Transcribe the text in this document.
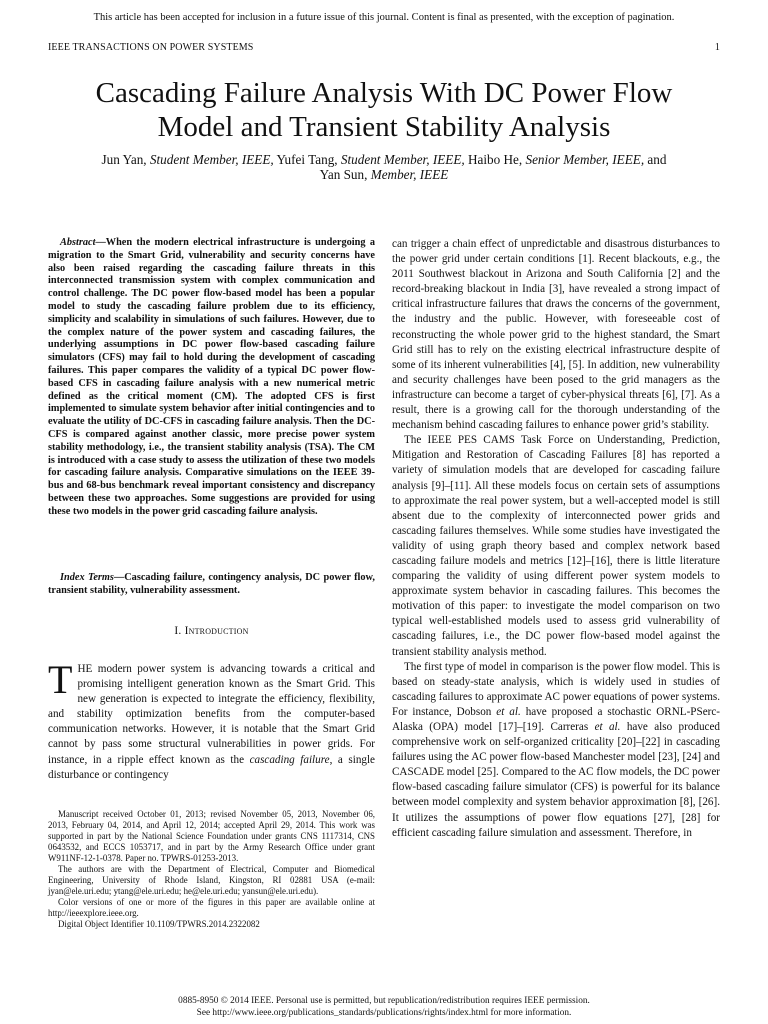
This article has been accepted for inclusion in a future issue of this journal. Content is final as presented, with the exception of pagination.
IEEE TRANSACTIONS ON POWER SYSTEMS	1
Cascading Failure Analysis With DC Power Flow
Model and Transient Stability Analysis
Jun Yan, Student Member, IEEE, Yufei Tang, Student Member, IEEE, Haibo He, Senior Member, IEEE, and
Yan Sun, Member, IEEE

Abstract—When the modern electrical infrastructure is undergoing a migration to the Smart Grid, vulnerability and security concerns have also been raised regarding the cascading failure threats in this interconnected transmission system with complex communication and control challenge. The DC power flow-based model has been a popular model to study the cascading failure problem due to its efficiency, simplicity and scalability in simulations of such failures. However, due to the complex nature of the power system and cascading failures, the underlying assumptions in DC power flow-based cascading failure simulators (CFS) may fail to hold during the development of cascading failures. This paper compares the validity of a typical DC power flow-based CFS in cascading failure analysis with a new numerical metric defined as the critical moment (CM). The adopted CFS is first implemented to simulate system behavior after initial contingencies and to evaluate the utility of DC-CFS in cascading failure analysis. Then the DC-CFS is compared against another classic, more precise power system stability methodology, i.e., the transient stability analysis (TSA). The CM is introduced with a case study to assess the utilization of these two models for cascading failure analysis. Comparative simulations on the IEEE 39-bus and 68-bus benchmark reveal important consistency and discrepancy between these two approaches. Some suggestions are provided for using these two models in the power grid cascading failure analysis.

Index Terms—Cascading failure, contingency analysis, DC power flow, transient stability, vulnerability assessment.

I. Introduction

THE modern power system is advancing towards a critical and promising intelligent generation known as the Smart Grid. This new generation is expected to integrate the efficiency, flexibility, and stability optimization benefits from the computer-based communication networks. However, it is notable that the Smart Grid cannot by pass some structural vulnerabilities in power grids. For instance, in a ripple effect known as the cascading failure, a single disturbance or contingency

Manuscript received October 01, 2013; revised November 05, 2013, November 06, 2013, February 04, 2014, and April 12, 2014; accepted April 29, 2014. This work was supported in part by the National Science Foundation under grants CNS 1117314, CNS 0643532, and ECCS 1053717, and in part by the Army Research Office under grant W911NF-12-1-0378. Paper no. TPWRS-01253-2013.

The authors are with the Department of Electrical, Computer and Biomedical Engineering, University of Rhode Island, Kingston, RI 02881 USA (e-mail: jyan@ele.uri.edu; ytang@ele.uri.edu; he@ele.uri.edu; yansun@ele.uri.edu).

Color versions of one or more of the figures in this paper are available online at http://ieeexplore.ieee.org.

Digital Object Identifier 10.1109/TPWRS.2014.2322082

can trigger a chain effect of unpredictable and disastrous disturbances to the power grid under certain conditions [1]. Recent blackouts, e.g., the 2011 Southwest blackout in Arizona and South California [2] and the record-breaking blackout in India [3], have revealed a strong impact of critical infrastructure failures that draws the concerns of the government, the industry and the public. However, with foreseeable cost of reconstructing the whole power grid to the highest standard, the Smart Grid still has to rely on the existing electrical infrastructure despite of some of its inherent vulnerabilities [4], [5]. In addition, new vulnerability and security challenges have been posed to the grid managers as the infrastructure can become a target of cyber-physical threats [6], [7]. As a result, there is a growing call for the thorough understanding of the mechanism behind cascading failures to enhance power grid’s stability.

The IEEE PES CAMS Task Force on Understanding, Prediction, Mitigation and Restoration of Cascading Failures [8] has reported a variety of simulation models that are developed for cascading failure analysis [9]–[11]. All these models focus on certain sets of assumptions to approximate the real power system, but a well-accepted model is still absent due to the complexity of interconnected power grids and cascading failures themselves. While some studies have investigated the validity of using graph theory based and complex network based cascading failure models and metrics [12]–[16], there is little literature comparing the validity of using different power system models to approximate system behavior in cascading failures. This becomes the motivation of this paper: to investigate the model comparison on two typical well-established models used to assess grid vulnerability of cascading failures, i.e., the DC power flow-based model against the transient stability analysis method.

The first type of model in comparison is the power flow model. This is based on steady-state analysis, which is widely used in studies of cascading failures to approximate AC power equations of power systems. For instance, Dobson et al. have proposed a stochastic ORNL-PSerc-Alaska (OPA) model [17]–[19]. Carreras et al. have also produced comprehensive work on self-organized criticality [20]–[22] in cascading failures using the AC power flow-based Manchester model [23], [24] and CASCADE model [25]. Compared to the AC flow models, the DC power flow-based cascading failure simulator (CFS) is powerful for its balance between model complexity and system behavior approximation [8], [26]. It utilizes the assumptions of power flow equations [27], [28] for efficient cascading failure simulation and assessment. Therefore, in

0885-8950 © 2014 IEEE. Personal use is permitted, but republication/redistribution requires IEEE permission.
See http://www.ieee.org/publications_standards/publications/rights/index.html for more information.
